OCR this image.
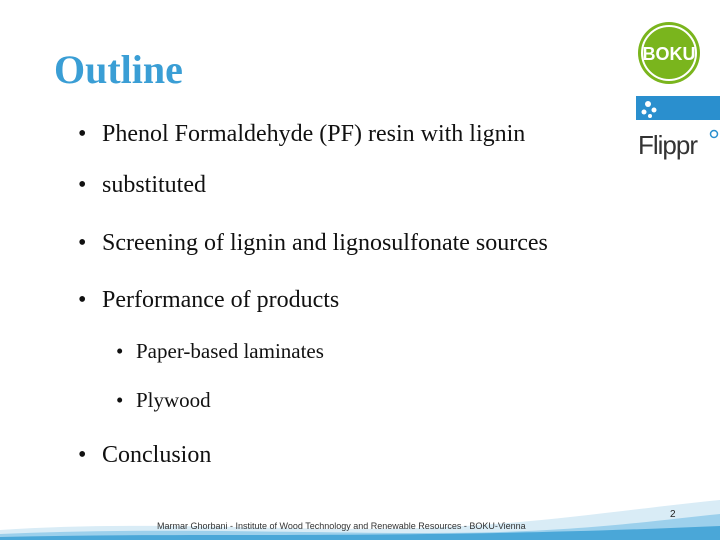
Outline
• Phenol Formaldehyde (PF) resin with lignin
• substituted
• Screening of lignin and lignosulfonate sources
• Performance of products
• Paper-based laminates
• Plywood
• Conclusion
BOKU
Flippr
Marmar Ghorbani - Institute of Wood Technology and Renewable Resources - BOKU-Vienna
2
